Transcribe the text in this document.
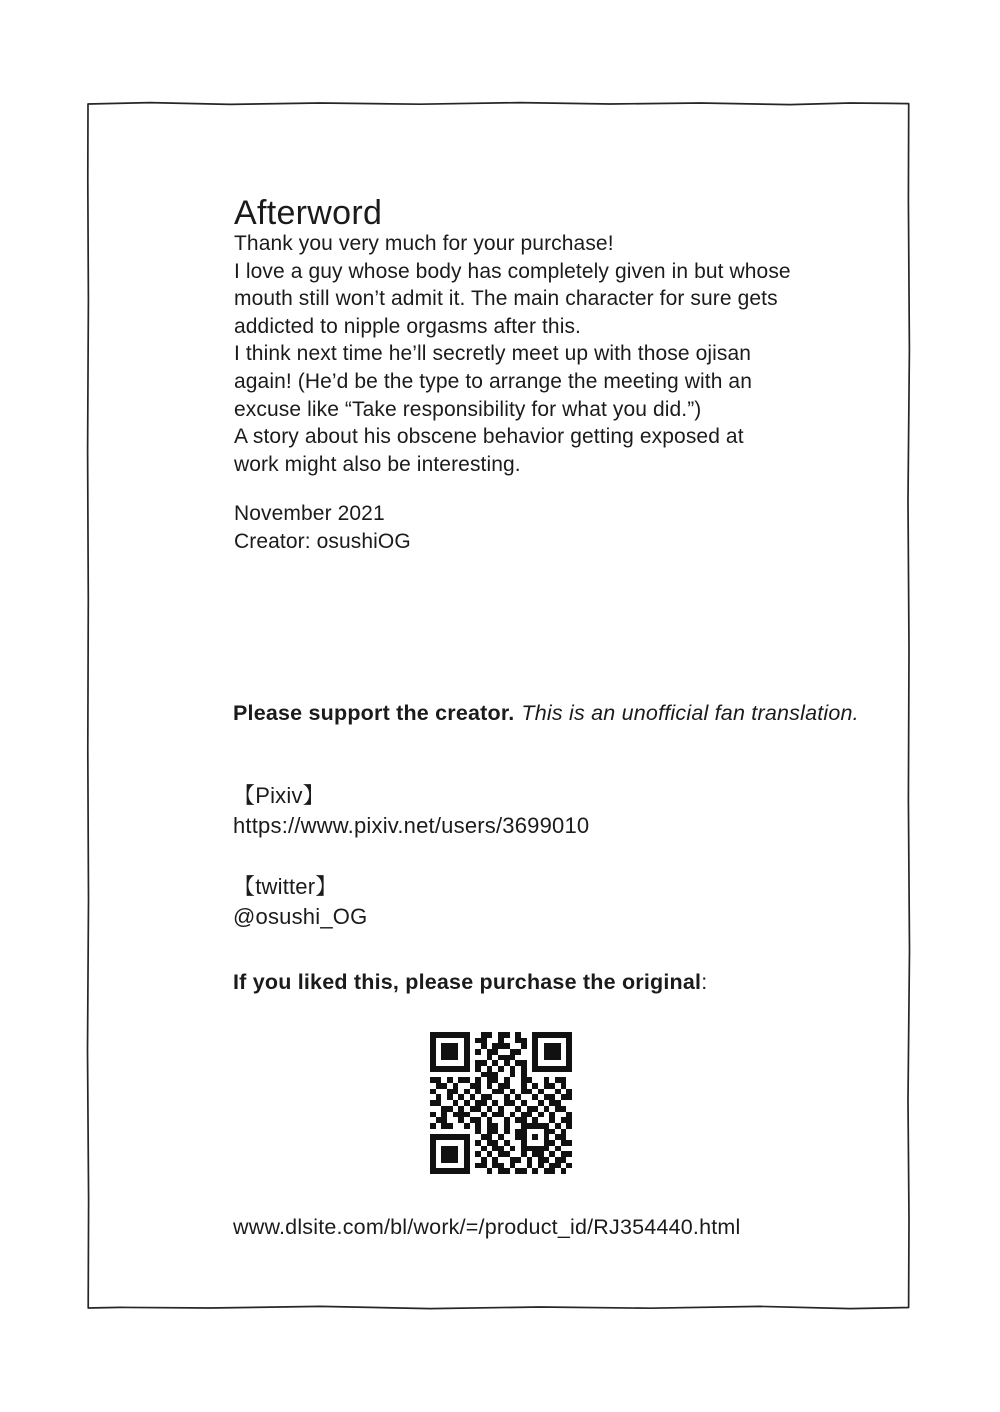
Afterword
Thank you very much for your purchase!
I love a guy whose body has completely given in but whose
mouth still won’t admit it. The main character for sure gets
addicted to nipple orgasms after this.
I think next time he’ll secretly meet up with those ojisan
again! (He’d be the type to arrange the meeting with an
excuse like “Take responsibility for what you did.”)
A story about his obscene behavior getting exposed at
work might also be interesting.
November 2021
Creator: osushiOG
Please support the creator. This is an unofficial fan translation.
【Pixiv】
https://www.pixiv.net/users/3699010
【twitter】
@osushi_OG
If you liked this, please purchase the original:
www.dlsite.com/bl/work/=/product_id/RJ354440.html
